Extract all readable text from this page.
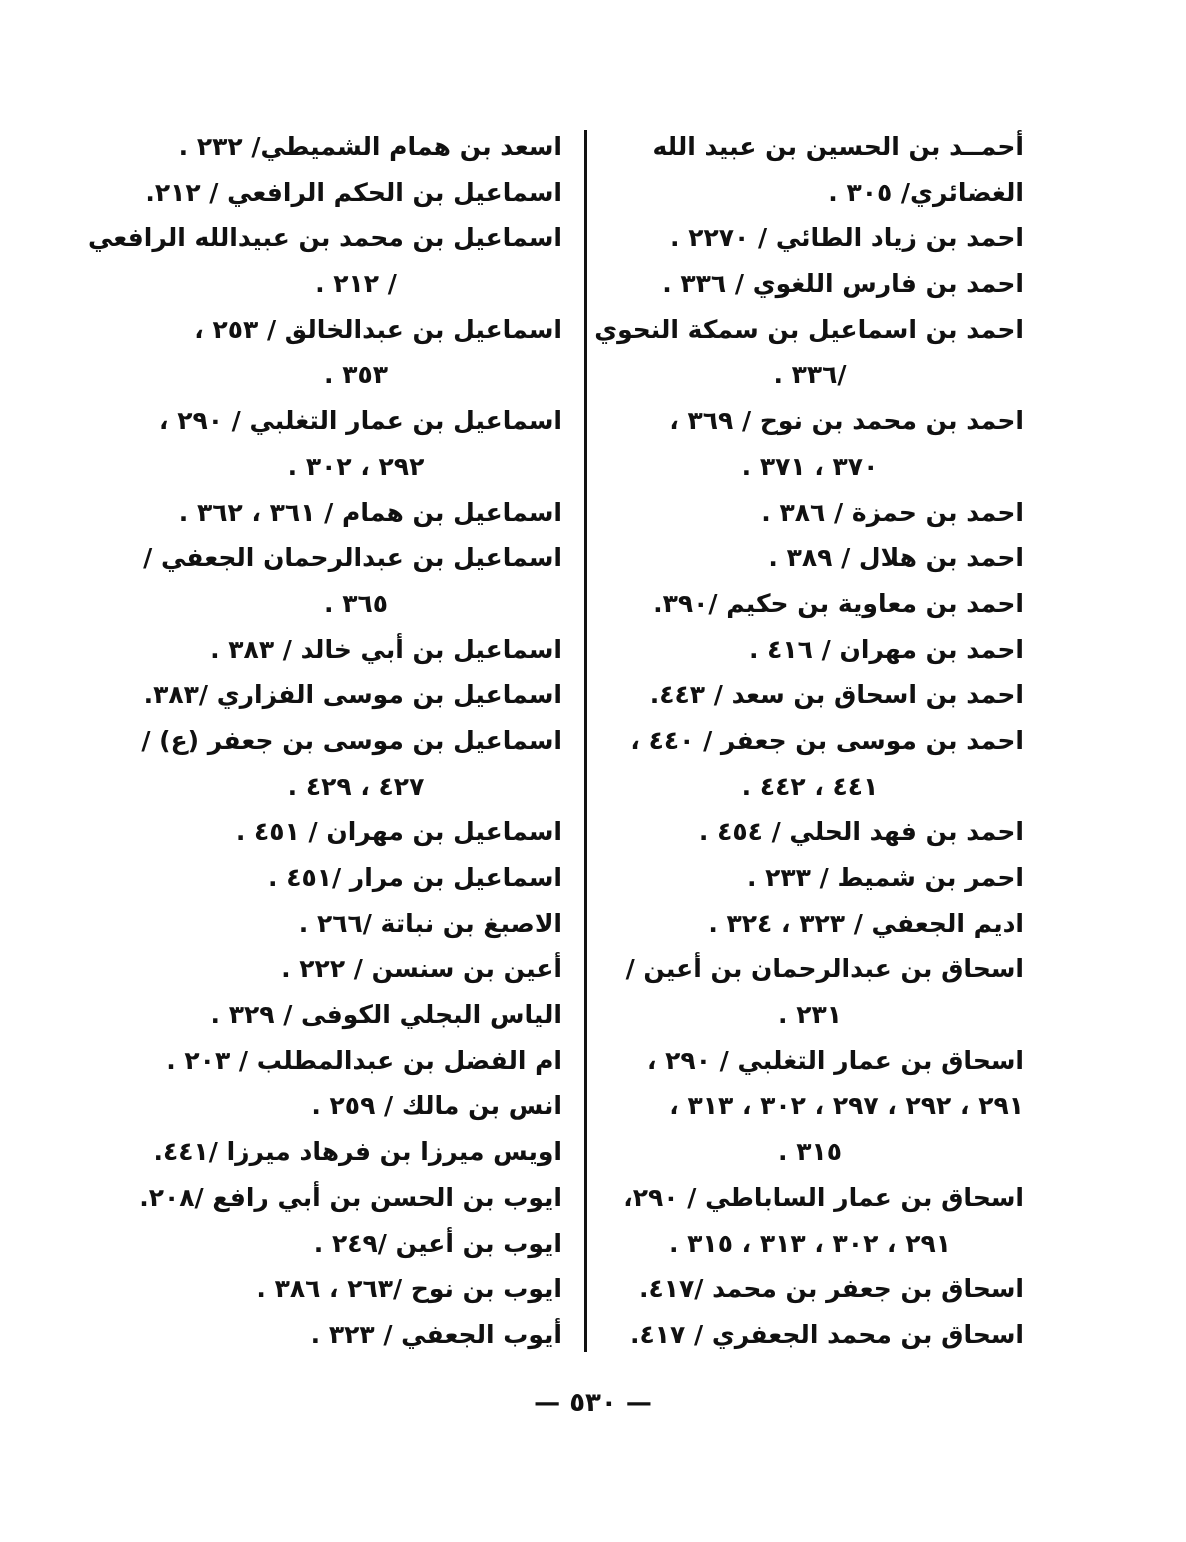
أحمــد بن الحسين بن عبيد الله
الغضائري/ ٣٠٥ .
احمد بن زياد الطائي / ٢٢٧٠ .
احمد بن فارس اللغوي / ٣٣٦ .
احمد بن اسماعيل بن سمكة النحوي
/٣٣٦ .
احمد بن محمد بن نوح / ٣٦٩ ،
٣٧٠ ، ٣٧١ .
احمد بن حمزة / ٣٨٦ .
احمد بن هلال / ٣٨٩ .
احمد بن معاوية بن حكيم /٣٩٠.
احمد بن مهران / ٤١٦ .
احمد بن اسحاق بن سعد / ٤٤٣.
احمد بن موسى بن جعفر / ٤٤٠ ،
٤٤١ ، ٤٤٢ .
احمد بن فهد الحلي / ٤٥٤ .
احمر بن شميط / ٢٣٣ .
اديم الجعفي / ٣٢٣ ، ٣٢٤ .
اسحاق بن عبدالرحمان بن أعين /
٢٣١ .
اسحاق بن عمار التغلبي / ٢٩٠ ،
٢٩١ ، ٢٩٢ ، ٢٩٧ ، ٣٠٢ ، ٣١٣ ،
٣١٥ .
اسحاق بن عمار الساباطي / ٢٩٠،
٢٩١ ، ٣٠٢ ، ٣١٣ ، ٣١٥ .
اسحاق بن جعفر بن محمد /٤١٧.
اسحاق بن محمد الجعفري / ٤١٧.
اسعد بن همام الشميطي/ ٢٣٢ .
اسماعيل بن الحكم الرافعي / ٢١٢.
اسماعيل بن محمد بن عبيدالله الرافعي
/ ٢١٢ .
اسماعيل بن عبدالخالق / ٢٥٣ ،
٣٥٣ .
اسماعيل بن عمار التغلبي / ٢٩٠ ،
٢٩٢ ، ٣٠٢ .
اسماعيل بن همام / ٣٦١ ، ٣٦٢ .
اسماعيل بن عبدالرحمان الجعفي /
٣٦٥ .
اسماعيل بن أبي خالد / ٣٨٣ .
اسماعيل بن موسى الفزاري /٣٨٣.
اسماعيل بن موسى بن جعفر (ع) /
٤٢٧ ، ٤٢٩ .
اسماعيل بن مهران / ٤٥١ .
اسماعيل بن مرار /٤٥١ .
الاصبغ بن نباتة /٢٦٦ .
أعين بن سنسن / ٢٢٢ .
الياس البجلي الكوفى / ٣٢٩ .
ام الفضل بن عبدالمطلب / ٢٠٣ .
انس بن مالك / ٢٥٩ .
اويس ميرزا بن فرهاد ميرزا /٤٤١.
ايوب بن الحسن بن أبي رافع /٢٠٨.
ايوب بن أعين /٢٤٩ .
ايوب بن نوح /٢٦٣ ، ٣٨٦ .
أيوب الجعفي / ٣٢٣ .
— ٥٣٠ —
